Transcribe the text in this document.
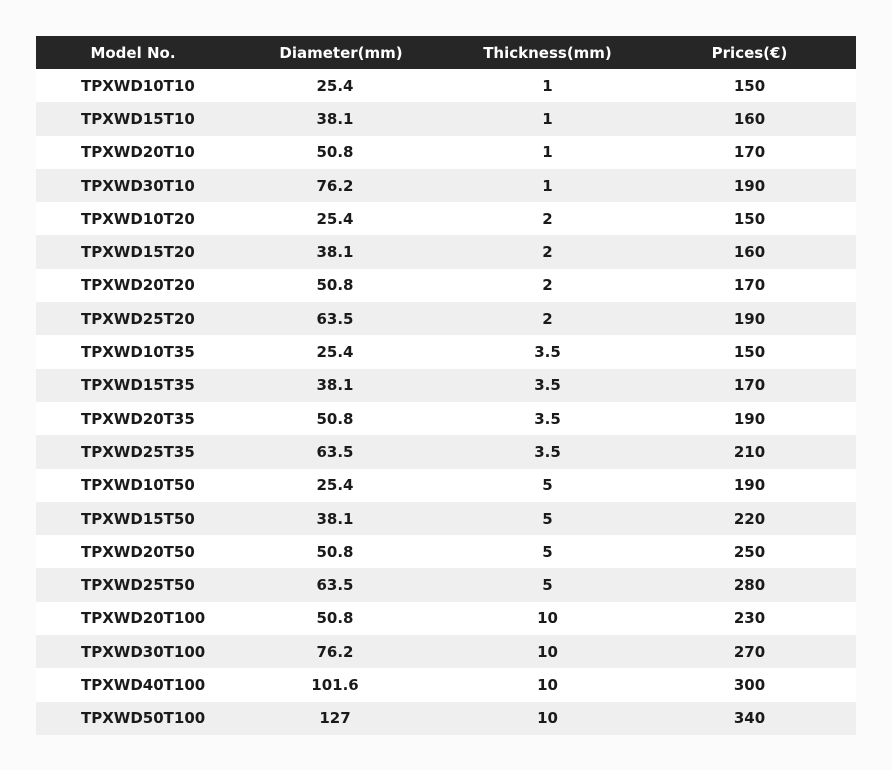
Model No.	Diameter(mm)	Thickness(mm)	Prices(€)
TPXWD10T10	25.4	1	150
TPXWD15T10	38.1	1	160
TPXWD20T10	50.8	1	170
TPXWD30T10	76.2	1	190
TPXWD10T20	25.4	2	150
TPXWD15T20	38.1	2	160
TPXWD20T20	50.8	2	170
TPXWD25T20	63.5	2	190
TPXWD10T35	25.4	3.5	150
TPXWD15T35	38.1	3.5	170
TPXWD20T35	50.8	3.5	190
TPXWD25T35	63.5	3.5	210
TPXWD10T50	25.4	5	190
TPXWD15T50	38.1	5	220
TPXWD20T50	50.8	5	250
TPXWD25T50	63.5	5	280
TPXWD20T100	50.8	10	230
TPXWD30T100	76.2	10	270
TPXWD40T100	101.6	10	300
TPXWD50T100	127	10	340
